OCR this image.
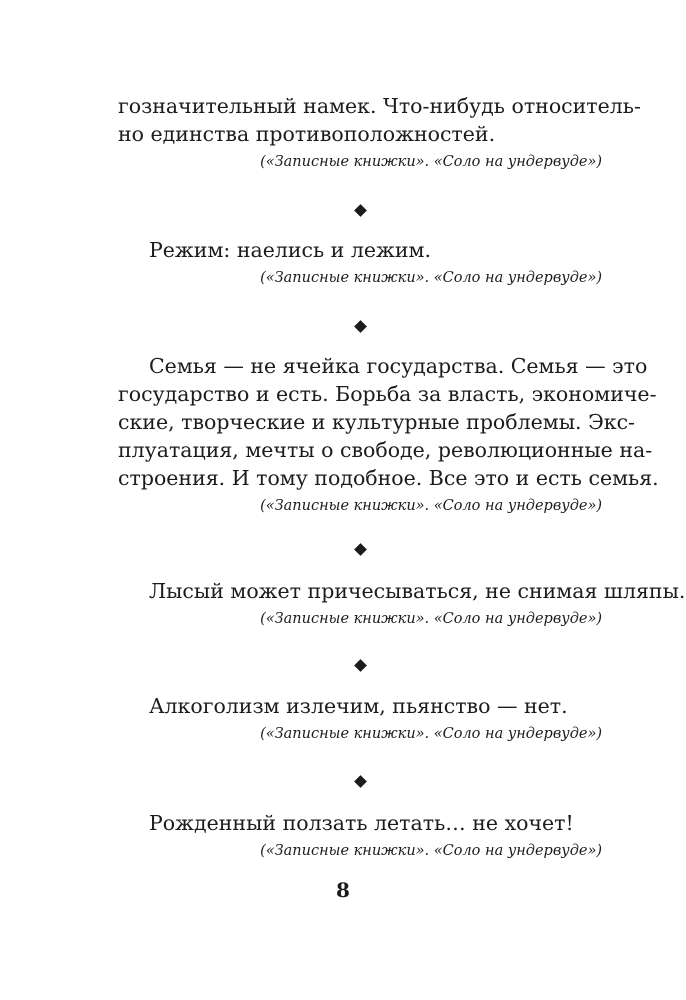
гозначительный намек. Что-нибудь относитель-
но единства противоположностей.
(«Записные книжки». «Соло на ундервуде»)
Режим: наелись и лежим.
(«Записные книжки». «Соло на ундервуде»)
Семья — не ячейка государства. Семья — это
государство и есть. Борьба за власть, экономиче-
ские, творческие и культурные проблемы. Экс-
плуатация, мечты о свободе, революционные на-
строения. И тому подобное. Все это и есть семья.
(«Записные книжки». «Соло на ундервуде»)
Лысый может причесываться, не снимая шляпы.
(«Записные книжки». «Соло на ундервуде»)
Алкоголизм излечим, пьянство — нет.
(«Записные книжки». «Соло на ундервуде»)
Рожденный ползать летать… не хочет!
(«Записные книжки». «Соло на ундервуде»)
8
